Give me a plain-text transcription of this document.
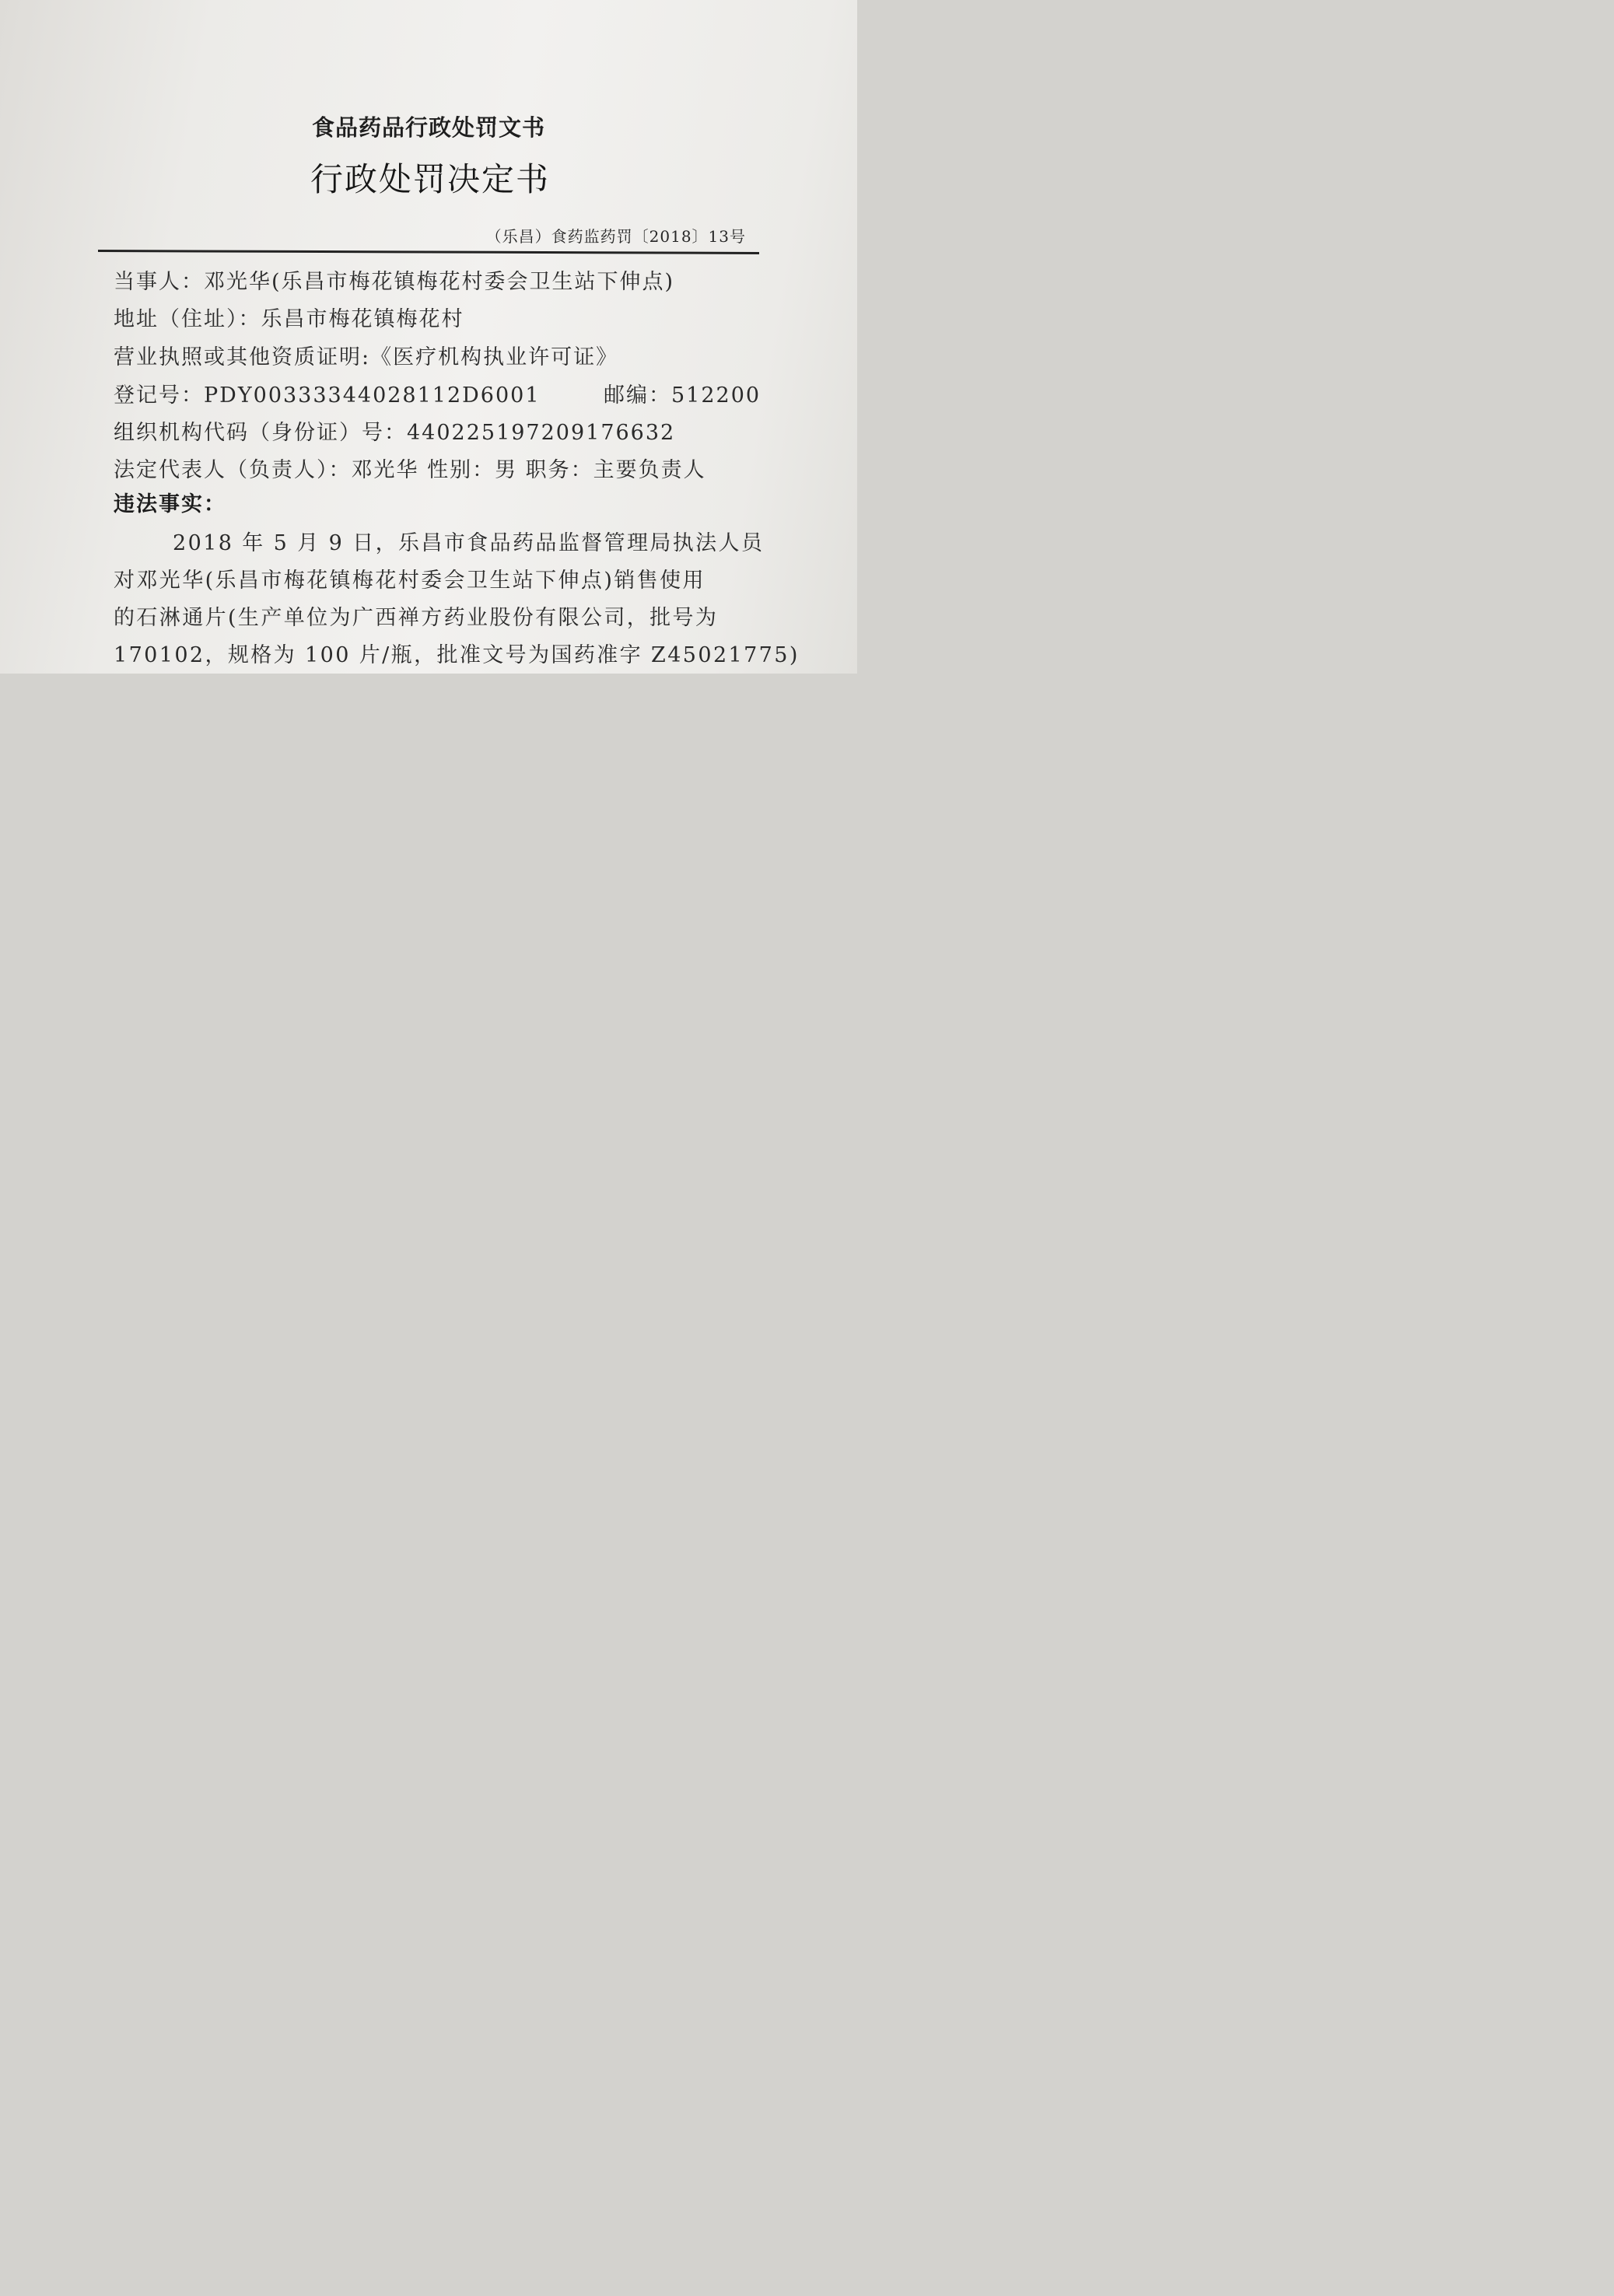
食品药品行政处罚文书
行政处罚决定书
（乐昌）食药监药罚〔2018〕13号
当事人：邓光华(乐昌市梅花镇梅花村委会卫生站下伸点)
地址（住址）：乐昌市梅花镇梅花村
营业执照或其他资质证明:《医疗机构执业许可证》
登记号：PDY00333344028112D6001	邮编：512200
组织机构代码（身份证）号：440225197209176632
法定代表人（负责人）：邓光华 性别：男 职务：主要负责人
违法事实：
2018 年 5 月 9 日，乐昌市食品药品监督管理局执法人员
对邓光华(乐昌市梅花镇梅花村委会卫生站下伸点)销售使用
的石淋通片(生产单位为广西禅方药业股份有限公司，批号为
170102，规格为 100 片/瓶，批准文号为国药准字 Z45021775)
